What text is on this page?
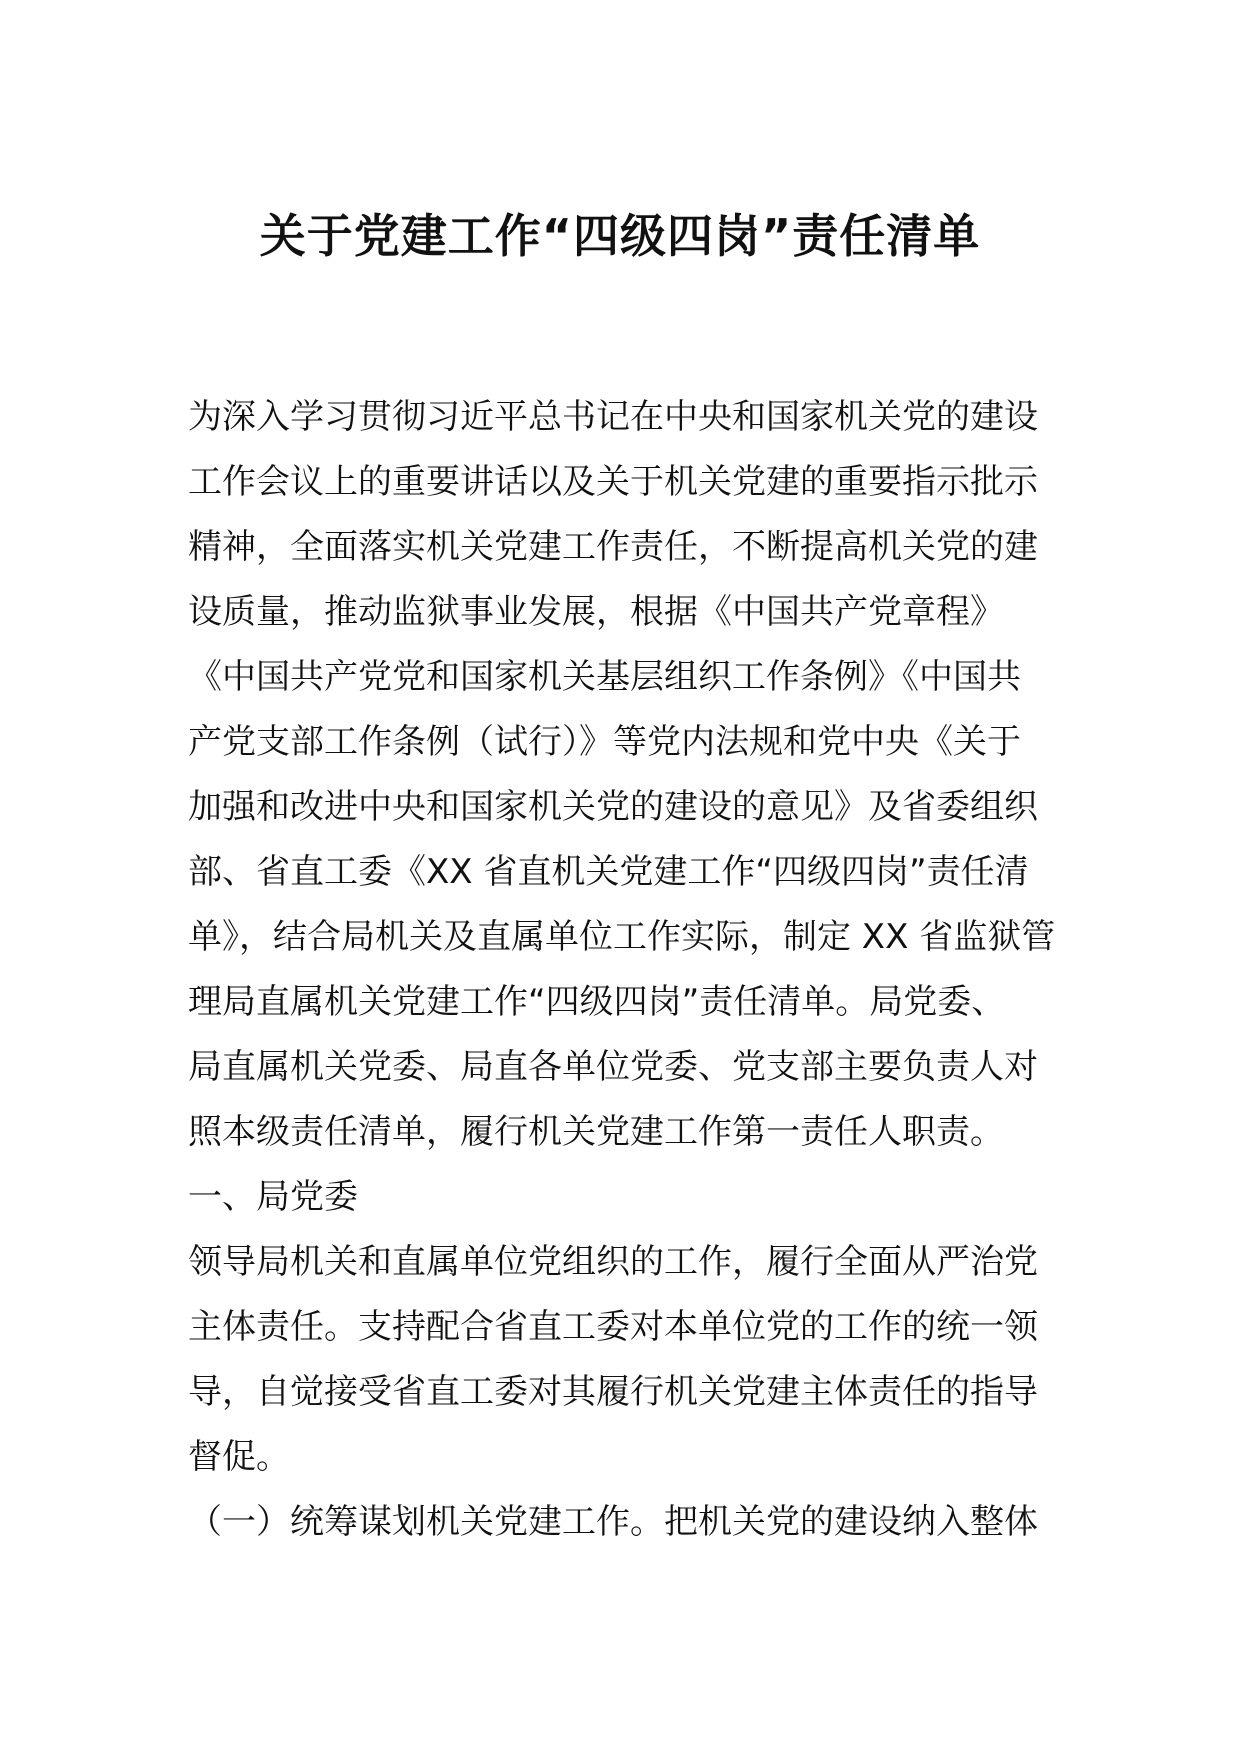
关于党建工作“四级四岗”责任清单
为深入学习贯彻习近平总书记在中央和国家机关党的建设
工作会议上的重要讲话以及关于机关党建的重要指示批示
精神，全面落实机关党建工作责任，不断提高机关党的建
设质量，推动监狱事业发展，根据《中国共产党章程》
《中国共产党党和国家机关基层组织工作条例》《中国共
产党支部工作条例（试行）》等党内法规和党中央《关于
加强和改进中央和国家机关党的建设的意见》及省委组织
部、省直工委《XX 省直机关党建工作“四级四岗”责任清
单》，结合局机关及直属单位工作实际，制定 XX 省监狱管
理局直属机关党建工作“四级四岗”责任清单。局党委、
局直属机关党委、局直各单位党委、党支部主要负责人对
照本级责任清单，履行机关党建工作第一责任人职责。
一、局党委
领导局机关和直属单位党组织的工作，履行全面从严治党
主体责任。支持配合省直工委对本单位党的工作的统一领
导，自觉接受省直工委对其履行机关党建主体责任的指导
督促。
（一）统筹谋划机关党建工作。把机关党的建设纳入整体
